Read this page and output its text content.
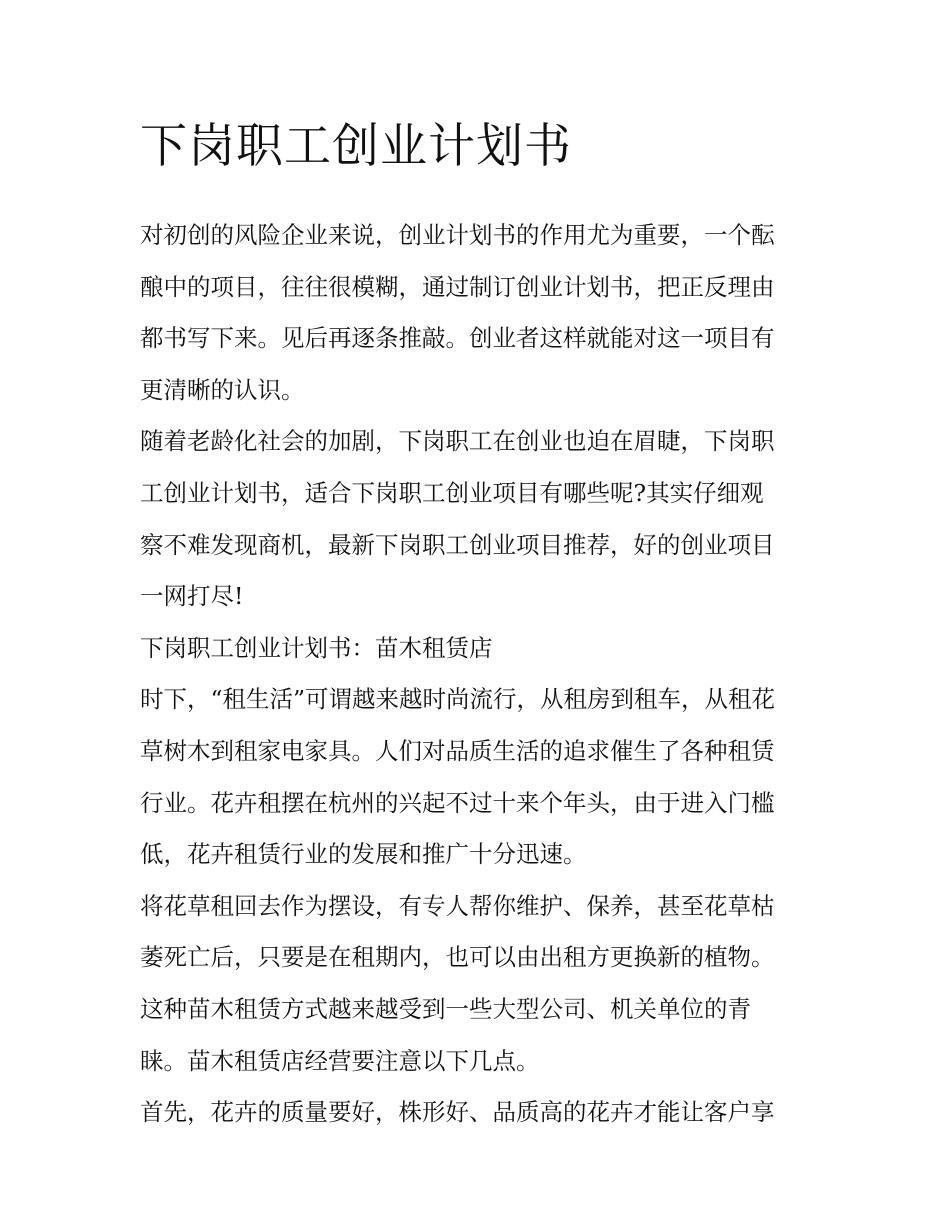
下岗职工创业计划书

对初创的风险企业来说，创业计划书的作用尤为重要，一个酝
酿中的项目，往往很模糊，通过制订创业计划书，把正反理由
都书写下来。见后再逐条推敲。创业者这样就能对这一项目有
更清晰的认识。

随着老龄化社会的加剧，下岗职工在创业也迫在眉睫，下岗职
工创业计划书，适合下岗职工创业项目有哪些呢?其实仔细观
察不难发现商机，最新下岗职工创业项目推荐，好的创业项目
一网打尽!

下岗职工创业计划书：苗木租赁店

时下，“租生活”可谓越来越时尚流行，从租房到租车，从租花
草树木到租家电家具。人们对品质生活的追求催生了各种租赁
行业。花卉租摆在杭州的兴起不过十来个年头，由于进入门槛
低，花卉租赁行业的发展和推广十分迅速。

将花草租回去作为摆设，有专人帮你维护、保养，甚至花草枯
萎死亡后，只要是在租期内，也可以由出租方更换新的植物。
这种苗木租赁方式越来越受到一些大型公司、机关单位的青
睐。苗木租赁店经营要注意以下几点。

首先，花卉的质量要好，株形好、品质高的花卉才能让客户享
